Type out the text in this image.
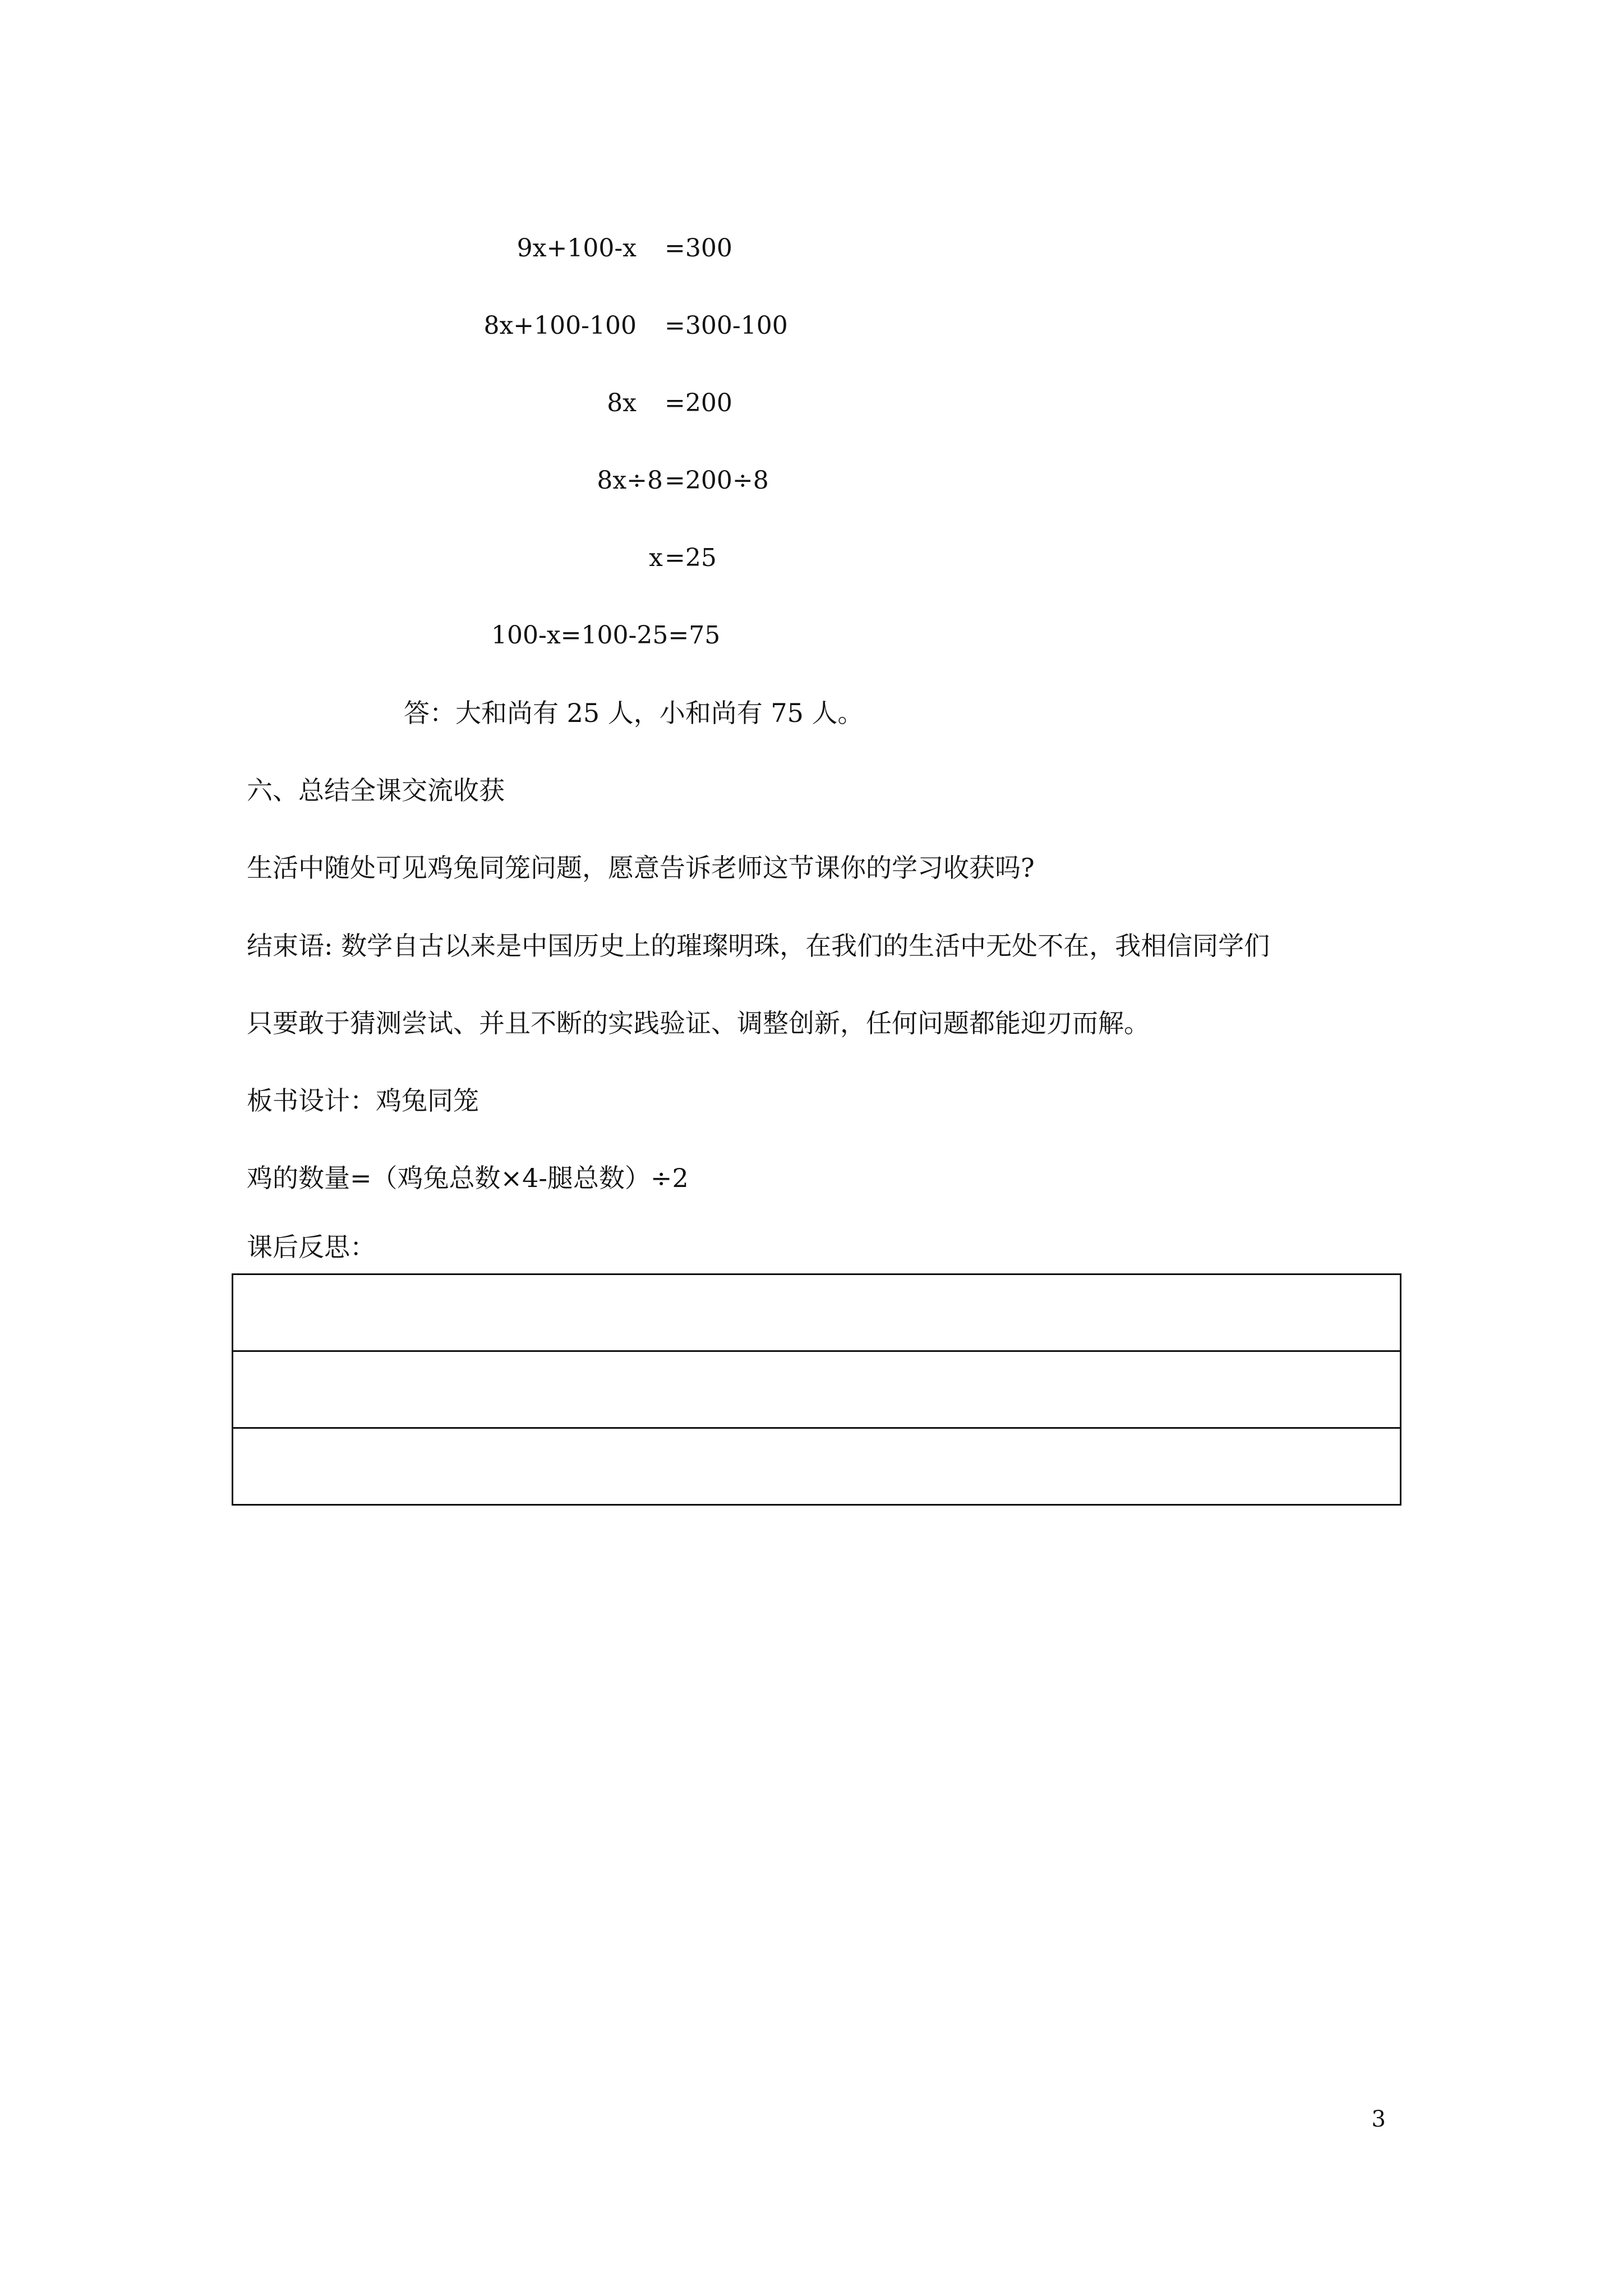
9x+100-x

=300

8x+100-100

=300-100

8x

=200

8x÷8

=200÷8

x

=25

100-x=100-25=75
答：大和尚有 25 人，小和尚有 75 人。
六、总结全课交流收获
生活中随处可见鸡兔同笼问题，愿意告诉老师这节课你的学习收获吗?
结束语: 数学自古以来是中国历史上的璀璨明珠，在我们的生活中无处不在，我相信同学们
只要敢于猜测尝试、并且不断的实践验证、调整创新，任何问题都能迎刃而解。
板书设计：鸡兔同笼
鸡的数量=（鸡兔总数×4-腿总数）÷2
课后反思：

3
